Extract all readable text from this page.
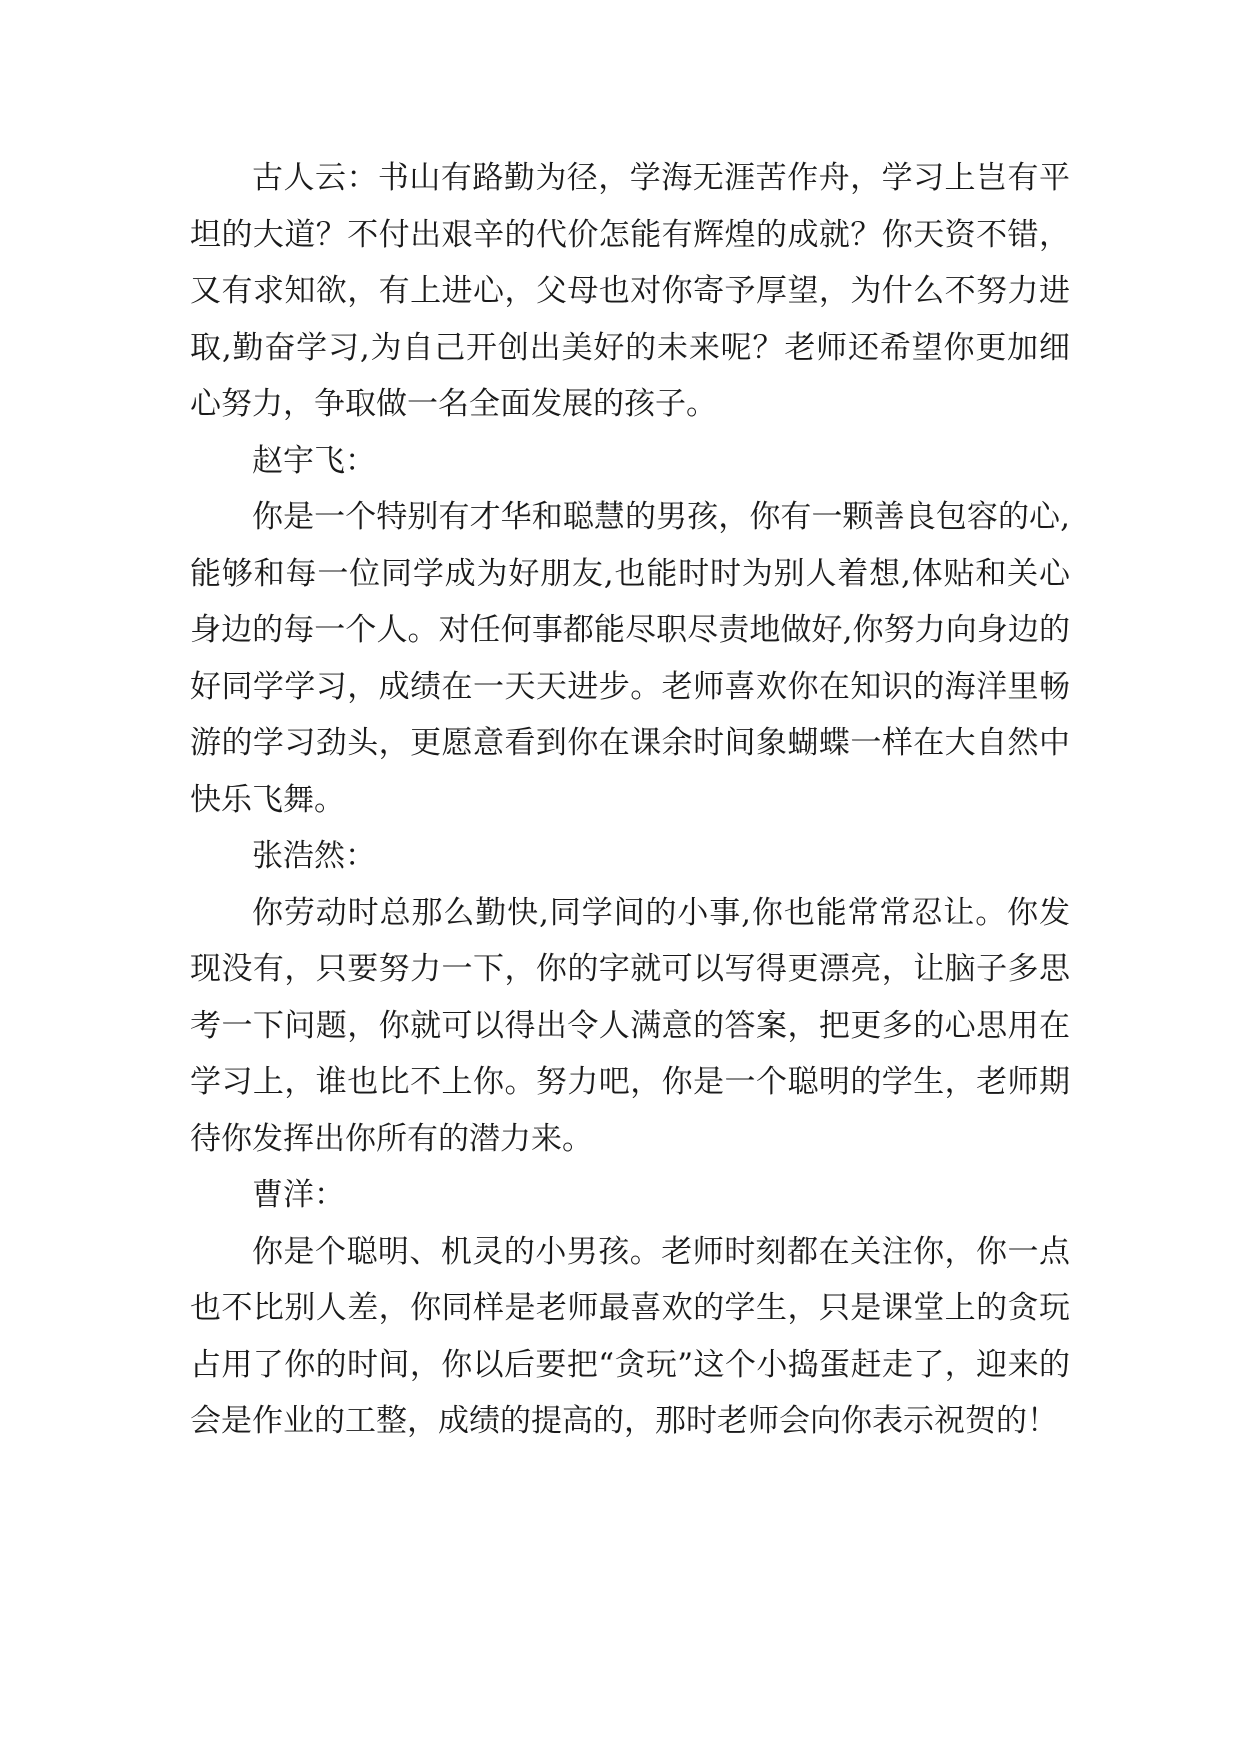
古人云：书山有路勤为径，学海无涯苦作舟，学习上岂有平坦的大道？不付出艰辛的代价怎能有辉煌的成就？你天资不错，又有求知欲，有上进心，父母也对你寄予厚望，为什么不努力进取,勤奋学习,为自己开创出美好的未来呢？老师还希望你更加细心努力，争取做一名全面发展的孩子。

赵宇飞：

你是一个特别有才华和聪慧的男孩，你有一颗善良包容的心,能够和每一位同学成为好朋友,也能时时为别人着想,体贴和关心身边的每一个人。对任何事都能尽职尽责地做好,你努力向身边的好同学学习，成绩在一天天进步。老师喜欢你在知识的海洋里畅游的学习劲头，更愿意看到你在课余时间象蝴蝶一样在大自然中快乐飞舞。

张浩然：

你劳动时总那么勤快,同学间的小事,你也能常常忍让。你发现没有，只要努力一下，你的字就可以写得更漂亮，让脑子多思考一下问题，你就可以得出令人满意的答案，把更多的心思用在学习上，谁也比不上你。努力吧，你是一个聪明的学生，老师期待你发挥出你所有的潜力来。

曹洋：

你是个聪明、机灵的小男孩。老师时刻都在关注你，你一点也不比别人差，你同样是老师最喜欢的学生，只是课堂上的贪玩占用了你的时间，你以后要把“贪玩”这个小捣蛋赶走了，迎来的会是作业的工整，成绩的提高的，那时老师会向你表示祝贺的！
